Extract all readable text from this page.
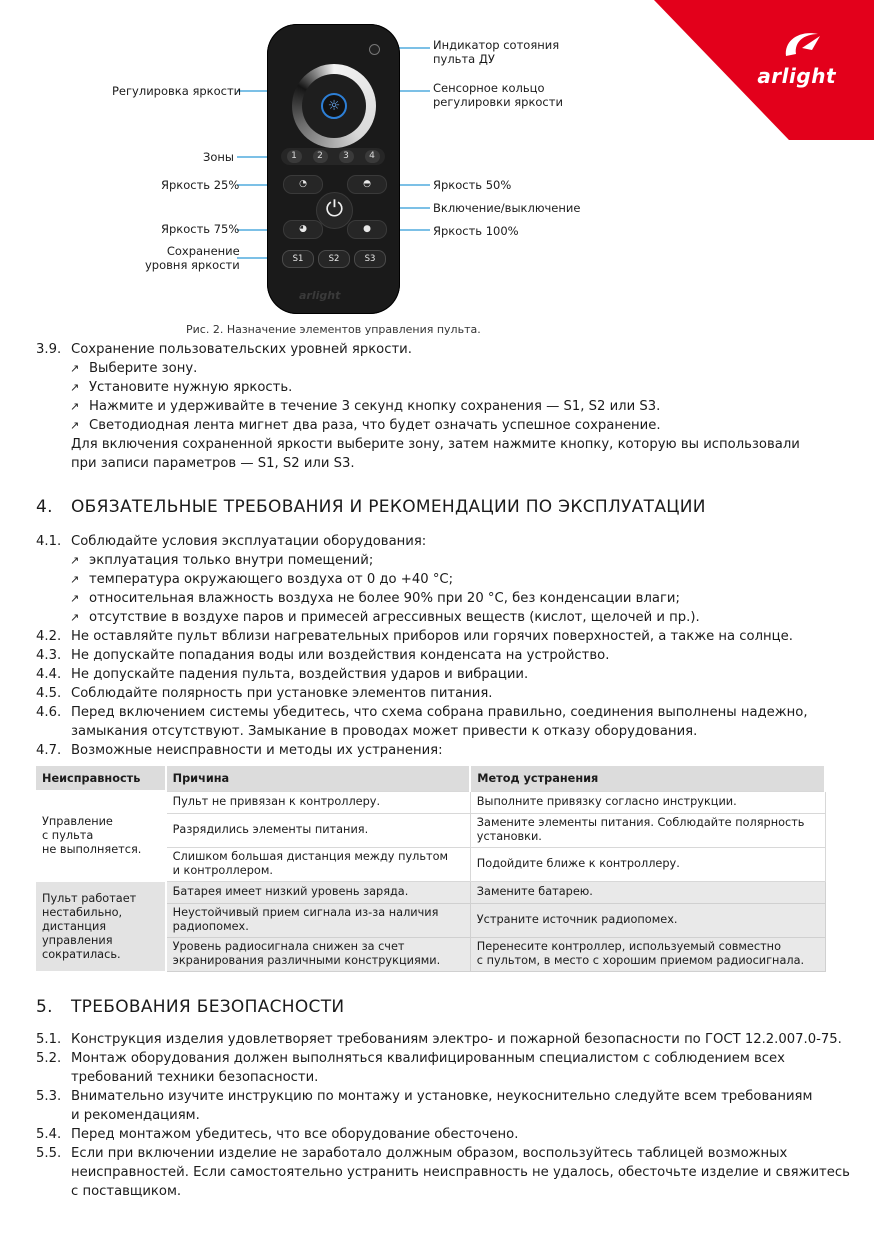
arlight
☼
1	2	3	4
◔	◓
⏻
◕	●
S1	S2	S3
arlight
Индикатор сотояния
пульта ДУ
Регулировка яркости	Сенсорное кольцо
регулировки яркости
Зоны
Яркость 25%	Яркость 50%
Включение/выключение
Яркость 75%	Яркость 100%
Сохранение
уровня яркости
Рис. 2. Назначение элементов управления пульта.
3.9. Сохранение пользовательских уровней яркости.
↗ Выберите зону.
↗ Установите нужную яркость.
↗ Нажмите и удерживайте в течение 3 секунд кнопку сохранения — S1, S2 или S3.
↗ Светодиодная лента мигнет два раза, что будет означать успешное сохранение.
Для включения сохраненной яркости выберите зону, затем нажмите кнопку, которую вы использовали
при записи параметров — S1, S2 или S3.
4. ОБЯЗАТЕЛЬНЫЕ ТРЕБОВАНИЯ И РЕКОМЕНДАЦИИ ПО ЭКСПЛУАТАЦИИ
4.1. Соблюдайте условия эксплуатации оборудования:
↗ экплуатация только внутри помещений;
↗ температура окружающего воздуха от 0 до +40 °С;
↗ относительная влажность воздуха не более 90% при 20 °C, без конденсации влаги;
↗ отсутствие в воздухе паров и примесей агрессивных веществ (кислот, щелочей и пр.).
4.2. Не оставляйте пульт вблизи нагревательных приборов или горячих поверхностей, а также на солнце.
4.3. Не допускайте попадания воды или воздействия конденсата на устройство.
4.4. Не допускайте падения пульта, воздействия ударов и вибрации.
4.5. Соблюдайте полярность при установке элементов питания.
4.6. Перед включением системы убедитесь, что схема собрана правильно, соединения выполнены надежно,
замыкания отсутствуют. Замыкание в проводах может привести к отказу оборудования.
4.7. Возможные неисправности и методы их устранения:
Неисправность	Причина	Метод устранения
Управление
с пульта
не выполняется.	Пульт не привязан к контроллеру.	Выполните привязку согласно инструкции.
	Разрядились элементы питания.	Замените элементы питания. Соблюдайте полярность
установки.
	Слишком большая дистанция между пультом
и контроллером.	Подойдите ближе к контроллеру.
Пульт работает
нестабильно,
дистанция
управления
сократилась.	Батарея имеет низкий уровень заряда.	Замените батарею.
	Неустойчивый прием сигнала из-за наличия
радиопомех.	Устраните источник радиопомех.
	Уровень радиосигнала снижен за счет
экранирования различными конструкциями.	Перенесите контроллер, используемый совместно
с пультом, в место с хорошим приемом радиосигнала.
5. ТРЕБОВАНИЯ БЕЗОПАСНОСТИ
5.1. Конструкция изделия удовлетворяет требованиям электро- и пожарной безопасности по ГОСТ 12.2.007.0-75.
5.2. Монтаж оборудования должен выполняться квалифицированным специалистом с соблюдением всех
требований техники безопасности.
5.3. Внимательно изучите инструкцию по монтажу и установке, неукоснительно следуйте всем требованиям
и рекомендациям.
5.4. Перед монтажом убедитесь, что все оборудование обесточено.
5.5. Если при включении изделие не заработало должным образом, воспользуйтесь таблицей возможных
неисправностей. Если самостоятельно устранить неисправность не удалось, обесточьте изделие и свяжитесь
с поставщиком.
